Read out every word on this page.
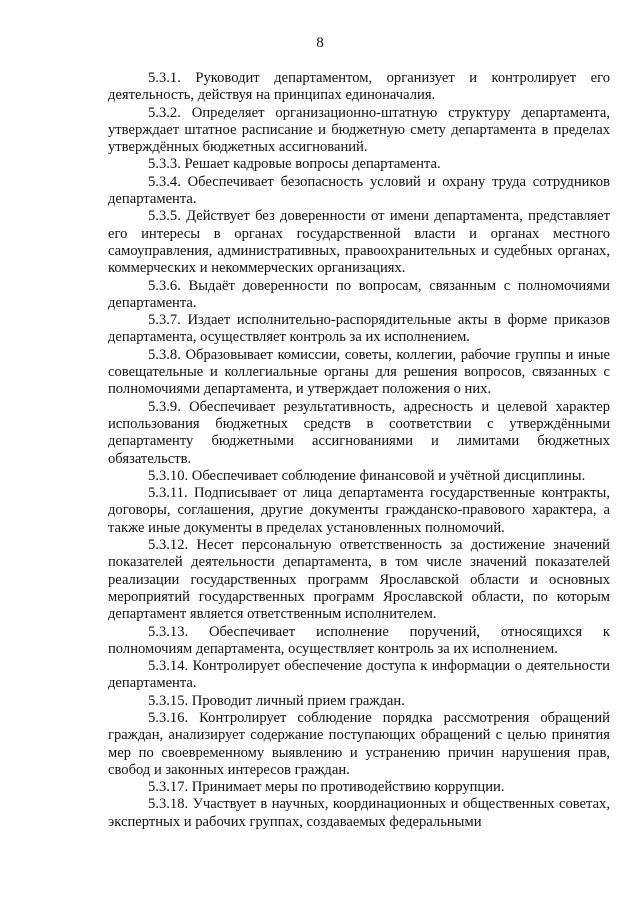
8

5.3.1. Руководит департаментом, организует и контролирует его деятельность, действуя на принципах единоначалия.

5.3.2. Определяет организационно-штатную структуру департамента, утверждает штатное расписание и бюджетную смету департамента в пределах утверждённых бюджетных ассигнований.

5.3.3. Решает кадровые вопросы департамента.

5.3.4. Обеспечивает безопасность условий и охрану труда сотрудников департамента.

5.3.5. Действует без доверенности от имени департамента, представляет его интересы в органах государственной власти и органах местного самоуправления, административных, правоохранительных и судебных органах, коммерческих и некоммерческих организациях.

5.3.6. Выдаёт доверенности по вопросам, связанным с полномочиями департамента.

5.3.7. Издает исполнительно-распорядительные акты в форме приказов департамента, осуществляет контроль за их исполнением.

5.3.8. Образовывает комиссии, советы, коллегии, рабочие группы и иные совещательные и коллегиальные органы для решения вопросов, связанных с полномочиями департамента, и утверждает положения о них.

5.3.9. Обеспечивает результативность, адресность и целевой характер использования бюджетных средств в соответствии с утверждёнными департаменту бюджетными ассигнованиями и лимитами бюджетных обязательств.

5.3.10. Обеспечивает соблюдение финансовой и учётной дисциплины.

5.3.11. Подписывает от лица департамента государственные контракты, договоры, соглашения, другие документы гражданско-правового характера, а также иные документы в пределах установленных полномочий.

5.3.12. Несет персональную ответственность за достижение значений показателей деятельности департамента, в том числе значений показателей реализации государственных программ Ярославской области и основных мероприятий государственных программ Ярославской области, по которым департамент является ответственным исполнителем.

5.3.13. Обеспечивает исполнение поручений, относящихся к полномочиям департамента, осуществляет контроль за их исполнением.

5.3.14. Контролирует обеспечение доступа к информации о деятельности департамента.

5.3.15. Проводит личный прием граждан.

5.3.16. Контролирует соблюдение порядка рассмотрения обращений граждан, анализирует содержание поступающих обращений с целью принятия мер по своевременному выявлению и устранению причин нарушения прав, свобод и законных интересов граждан.

5.3.17. Принимает меры по противодействию коррупции.

5.3.18. Участвует в научных, координационных и общественных советах, экспертных и рабочих группах, создаваемых федеральными
